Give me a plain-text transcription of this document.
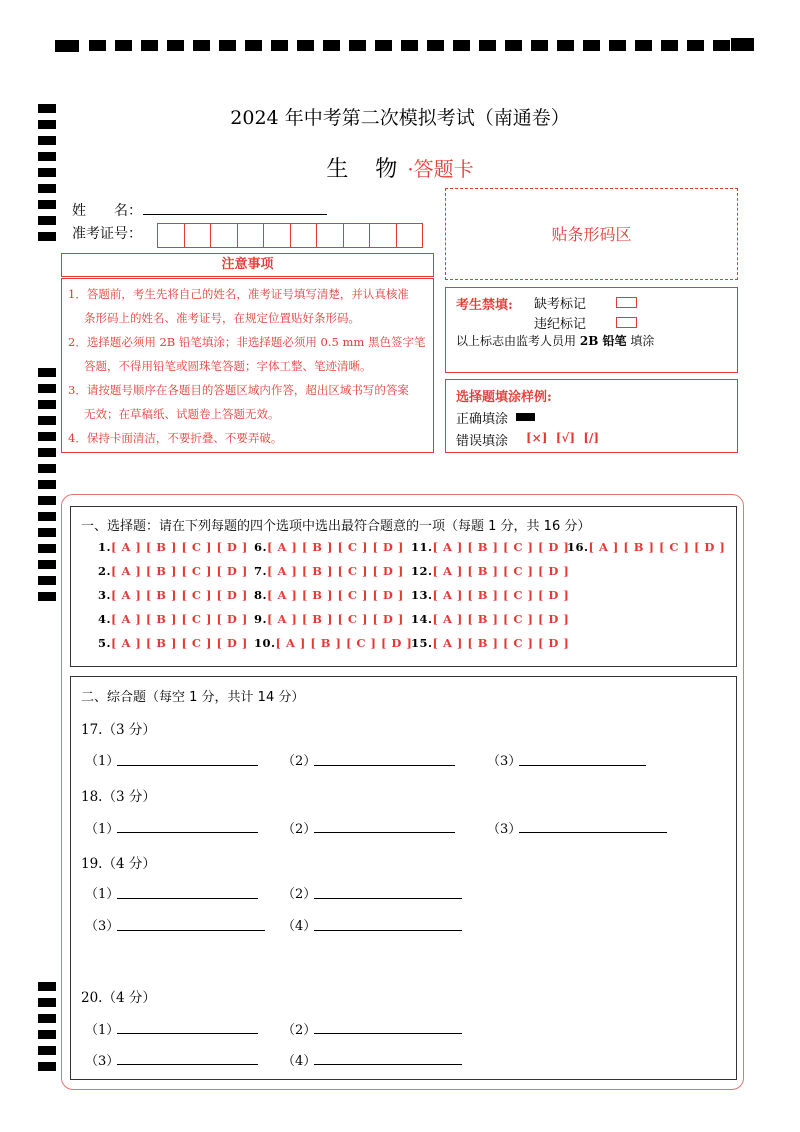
2024 年中考第二次模拟考试（南通卷）
生 物·答题卡
姓　　名：
准考证号：	贴条形码区
注意事项

1．答题前，考生先将自己的姓名，准考证号填写清楚，并认真核准

条形码上的姓名、准考证号，在规定位置贴好条形码。

2．选择题必须用 2B 铅笔填涂；非选择题必须用 0.5 mm 黑色签字笔

答题，不得用铅笔或圆珠笔答题；字体工整、笔迹清晰。

3．请按题号顺序在各题目的答题区域内作答，超出区域书写的答案

无效；在草稿纸、试题卷上答题无效。

4．保持卡面清洁，不要折叠、不要弄破。

考生禁填: 缺考标记
违纪标记
以上标志由监考人员用 2B 铅笔 填涂
选择题填涂样例:
正确填涂
错误填涂 [×]  [√]  [/]
一、选择题：请在下列每题的四个选项中选出最符合题意的一项（每题 1 分，共 16 分）
1.[ A ] [ B ] [ C ] [ D ]
2.[ A ] [ B ] [ C ] [ D ]
3.[ A ] [ B ] [ C ] [ D ]
4.[ A ] [ B ] [ C ] [ D ]
5.[ A ] [ B ] [ C ] [ D ]
6.[ A ] [ B ] [ C ] [ D ]
7.[ A ] [ B ] [ C ] [ D ]
8.[ A ] [ B ] [ C ] [ D ]
9.[ A ] [ B ] [ C ] [ D ]
10.[ A ] [ B ] [ C ] [ D ]
11.[ A ] [ B ] [ C ] [ D ]
12.[ A ] [ B ] [ C ] [ D ]
13.[ A ] [ B ] [ C ] [ D ]
14.[ A ] [ B ] [ C ] [ D ]
15.[ A ] [ B ] [ C ] [ D ]
16.[ A ] [ B ] [ C ] [ D ]
二、综合题（每空 1 分，共计 14 分）
17.（3 分）
（1）	（2）	（3）
18.（3 分）
（1）	（2）	（3）
19.（4 分）
（1）	（2）
（3）	（4）
20.（4 分）
（1）	（2）
（3）	（4）
